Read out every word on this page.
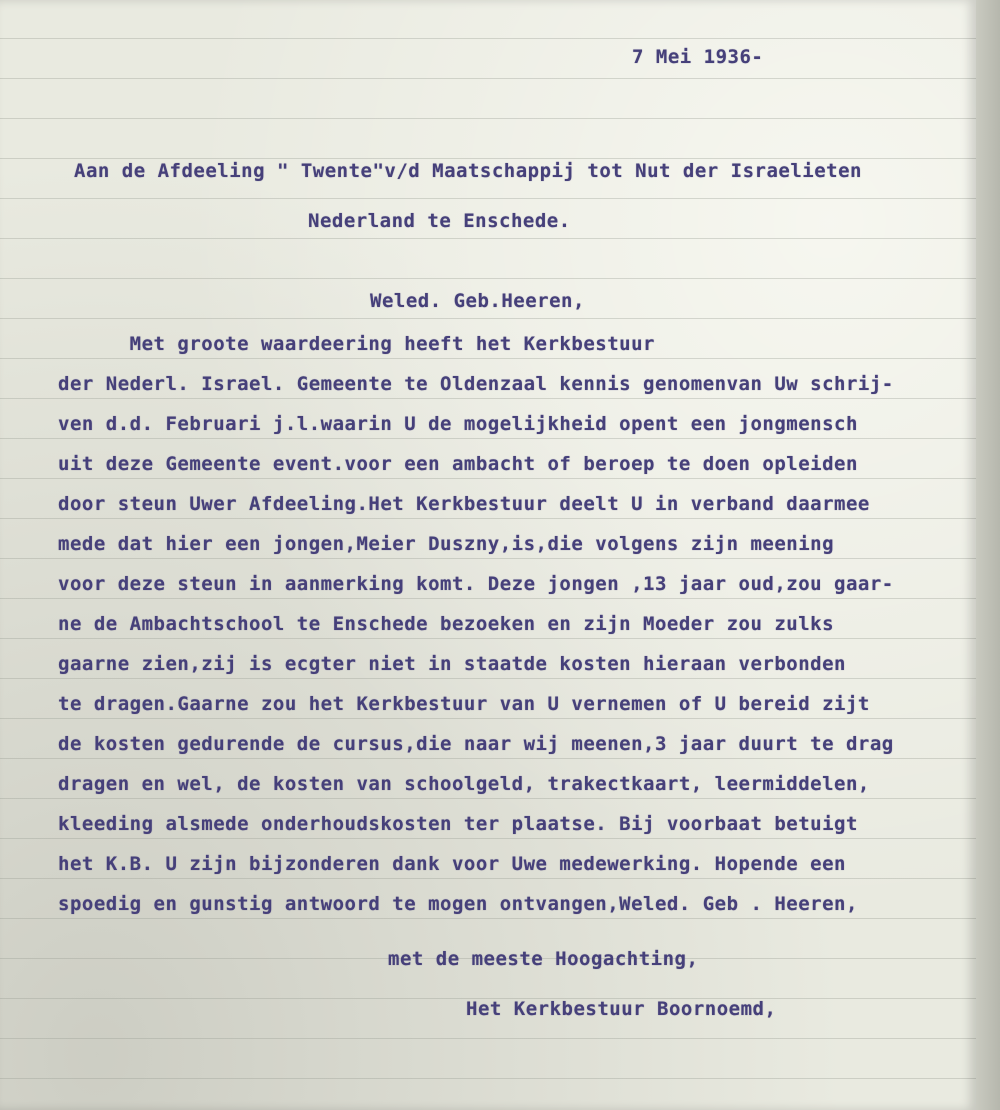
7 Mei 1936-
Aan de Afdeeling " Twente"v/d Maatschappij tot Nut der Israelieten
Nederland te Enschede.
Weled. Geb.Heeren,
Met groote waardeering heeft het Kerkbestuur
der Nederl. Israel. Gemeente te Oldenzaal kennis genomenvan Uw schrij-
ven d.d. Februari j.l.waarin U de mogelijkheid opent een jongmensch
uit deze Gemeente event.voor een ambacht of beroep te doen opleiden
door steun Uwer Afdeeling.Het Kerkbestuur deelt U in verband daarmee
mede dat hier een jongen,Meier Duszny,is,die volgens zijn meening
voor deze steun in aanmerking komt. Deze jongen ,13 jaar oud,zou gaar-
ne de Ambachtschool te Enschede bezoeken en zijn Moeder zou zulks
gaarne zien,zij is ecgter niet in staatde kosten hieraan verbonden
te dragen.Gaarne zou het Kerkbestuur van U vernemen of U bereid zijt
de kosten gedurende de cursus,die naar wij meenen,3 jaar duurt te drag
dragen en wel, de kosten van schoolgeld, trakectkaart, leermiddelen,
kleeding alsmede onderhoudskosten ter plaatse. Bij voorbaat betuigt
het K.B. U zijn bijzonderen dank voor Uwe medewerking. Hopende een
spoedig en gunstig antwoord te mogen ontvangen,Weled. Geb . Heeren,
met de meeste Hoogachting,
Het Kerkbestuur Boornoemd,
